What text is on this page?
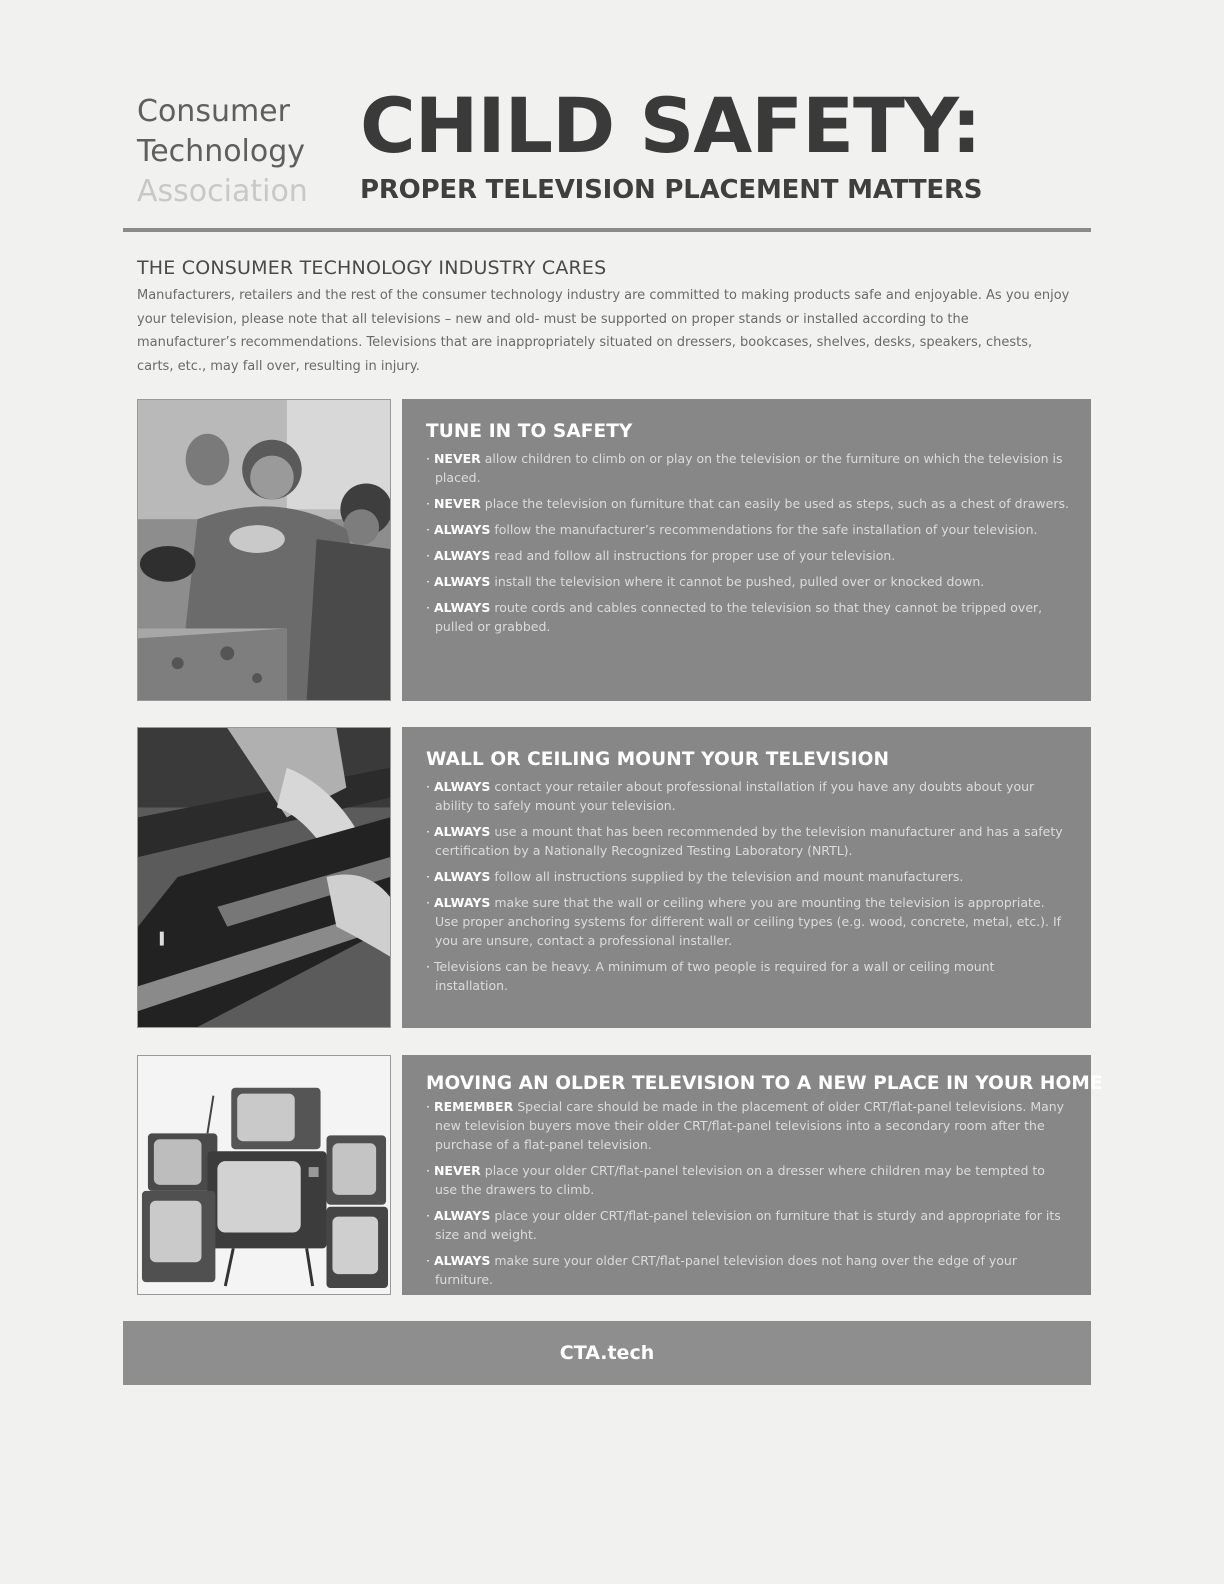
Consumer
Technology
Association
CHILD SAFETY:
PROPER TELEVISION PLACEMENT MATTERS
THE CONSUMER TECHNOLOGY INDUSTRY CARES
Manufacturers, retailers and the rest of the consumer technology industry are committed to making products safe and enjoyable. As you enjoy your television, please note that all televisions – new and old- must be supported on proper stands or installed according to the manufacturer’s recommendations. Televisions that are inappropriately situated on dressers, bookcases, shelves, desks, speakers, chests, carts, etc., may fall over, resulting in injury.
TUNE IN TO SAFETY
· NEVER allow children to climb on or play on the television or the furniture on which the television is placed.
· NEVER place the television on furniture that can easily be used as steps, such as a chest of drawers.
· ALWAYS follow the manufacturer’s recommendations for the safe installation of your television.
· ALWAYS read and follow all instructions for proper use of your television.
· ALWAYS install the television where it cannot be pushed, pulled over or knocked down.
· ALWAYS route cords and cables connected to the television so that they cannot be tripped over, pulled or grabbed.
WALL OR CEILING MOUNT YOUR TELEVISION
· ALWAYS contact your retailer about professional installation if you have any doubts about your ability to safely mount your television.
· ALWAYS use a mount that has been recommended by the television manufacturer and has a safety certification by a Nationally Recognized Testing Laboratory (NRTL).
· ALWAYS follow all instructions supplied by the television and mount manufacturers.
· ALWAYS make sure that the wall or ceiling where you are mounting the television is appropriate. Use proper anchoring systems for different wall or ceiling types (e.g. wood, concrete, metal, etc.). If you are unsure, contact a professional installer.
· Televisions can be heavy. A minimum of two people is required for a wall or ceiling mount installation.
MOVING AN OLDER TELEVISION TO A NEW PLACE IN YOUR HOME
· REMEMBER Special care should be made in the placement of older CRT/flat-panel televisions. Many new television buyers move their older CRT/flat-panel televisions into a secondary room after the purchase of a flat-panel television.
· NEVER place your older CRT/flat-panel television on a dresser where children may be tempted to use the drawers to climb.
· ALWAYS place your older CRT/flat-panel television on furniture that is sturdy and appropriate for its size and weight.
· ALWAYS make sure your older CRT/flat-panel television does not hang over the edge of your furniture.
CTA.tech
